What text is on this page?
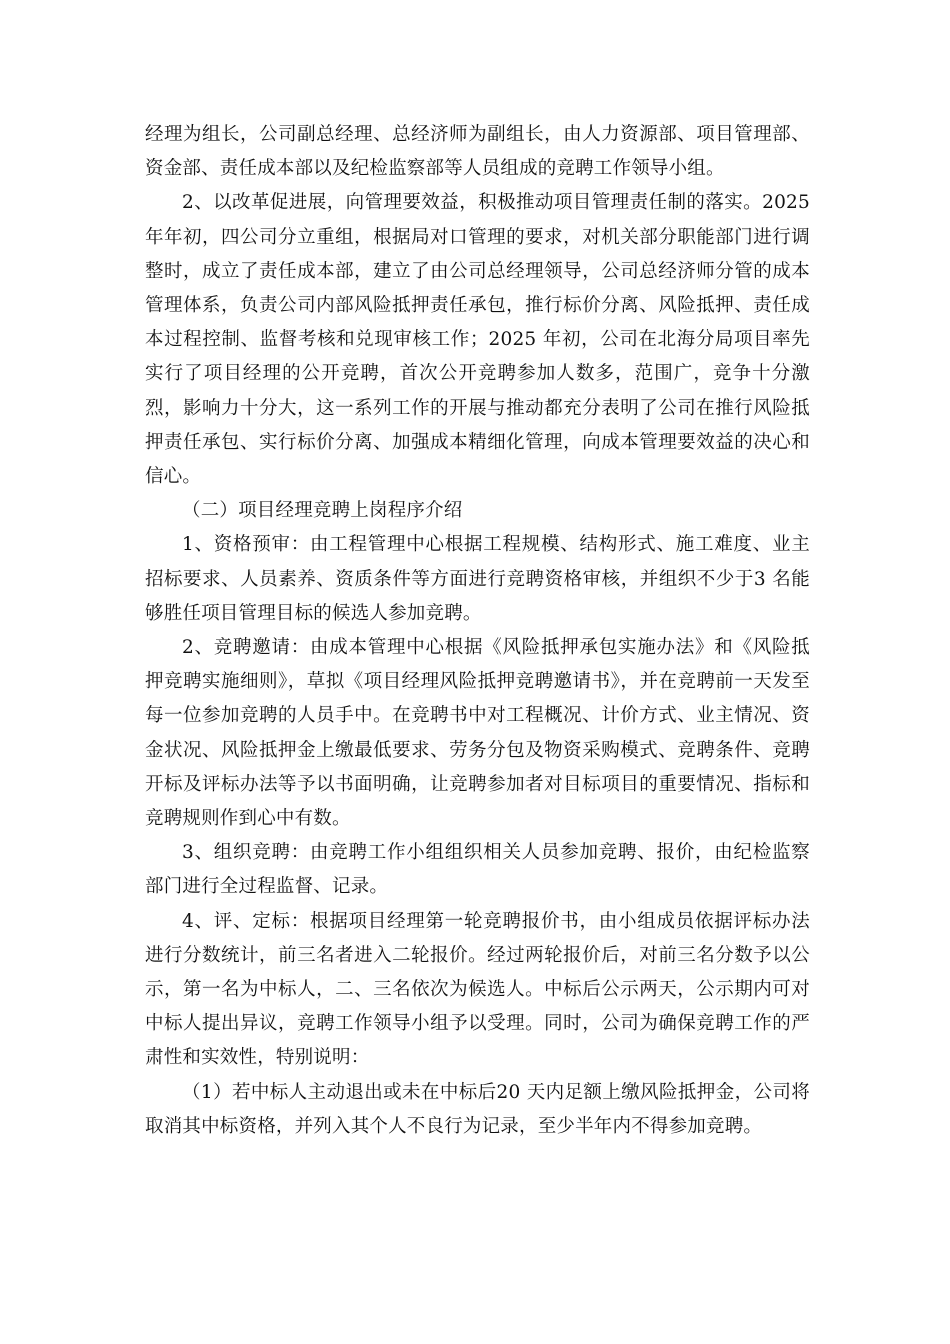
经理为组长，公司副总经理、总经济师为副组长，由人力资源部、项目管理部、资金部、责任成本部以及纪检监察部等人员组成的竞聘工作领导小组。

2、以改革促进展，向管理要效益，积极推动项目管理责任制的落实。2025年年初，四公司分立重组，根据局对口管理的要求，对机关部分职能部门进行调整时，成立了责任成本部，建立了由公司总经理领导，公司总经济师分管的成本管理体系，负责公司内部风险抵押责任承包，推行标价分离、风险抵押、责任成本过程控制、监督考核和兑现审核工作；2025 年初，公司在北海分局项目率先实行了项目经理的公开竞聘，首次公开竞聘参加人数多，范围广，竞争十分激烈，影响力十分大，这一系列工作的开展与推动都充分表明了公司在推行风险抵押责任承包、实行标价分离、加强成本精细化管理，向成本管理要效益的决心和信心。

（二）项目经理竞聘上岗程序介绍

1、资格预审：由工程管理中心根据工程规模、结构形式、施工难度、业主招标要求、人员素养、资质条件等方面进行竞聘资格审核，并组织不少于3 名能够胜任项目管理目标的候选人参加竞聘。

2、竞聘邀请：由成本管理中心根据《风险抵押承包实施办法》和《风险抵押竞聘实施细则》，草拟《项目经理风险抵押竞聘邀请书》，并在竞聘前一天发至每一位参加竞聘的人员手中。在竞聘书中对工程概况、计价方式、业主情况、资金状况、风险抵押金上缴最低要求、劳务分包及物资采购模式、竞聘条件、竞聘开标及评标办法等予以书面明确，让竞聘参加者对目标项目的重要情况、指标和竞聘规则作到心中有数。

3、组织竞聘：由竞聘工作小组组织相关人员参加竞聘、报价，由纪检监察部门进行全过程监督、记录。

4、评、定标：根据项目经理第一轮竞聘报价书，由小组成员依据评标办法进行分数统计，前三名者进入二轮报价。经过两轮报价后，对前三名分数予以公示，第一名为中标人，二、三名依次为候选人。中标后公示两天，公示期内可对中标人提出异议，竞聘工作领导小组予以受理。同时，公司为确保竞聘工作的严肃性和实效性，特别说明：

（1）若中标人主动退出或未在中标后20 天内足额上缴风险抵押金，公司将取消其中标资格，并列入其个人不良行为记录，至少半年内不得参加竞聘。
